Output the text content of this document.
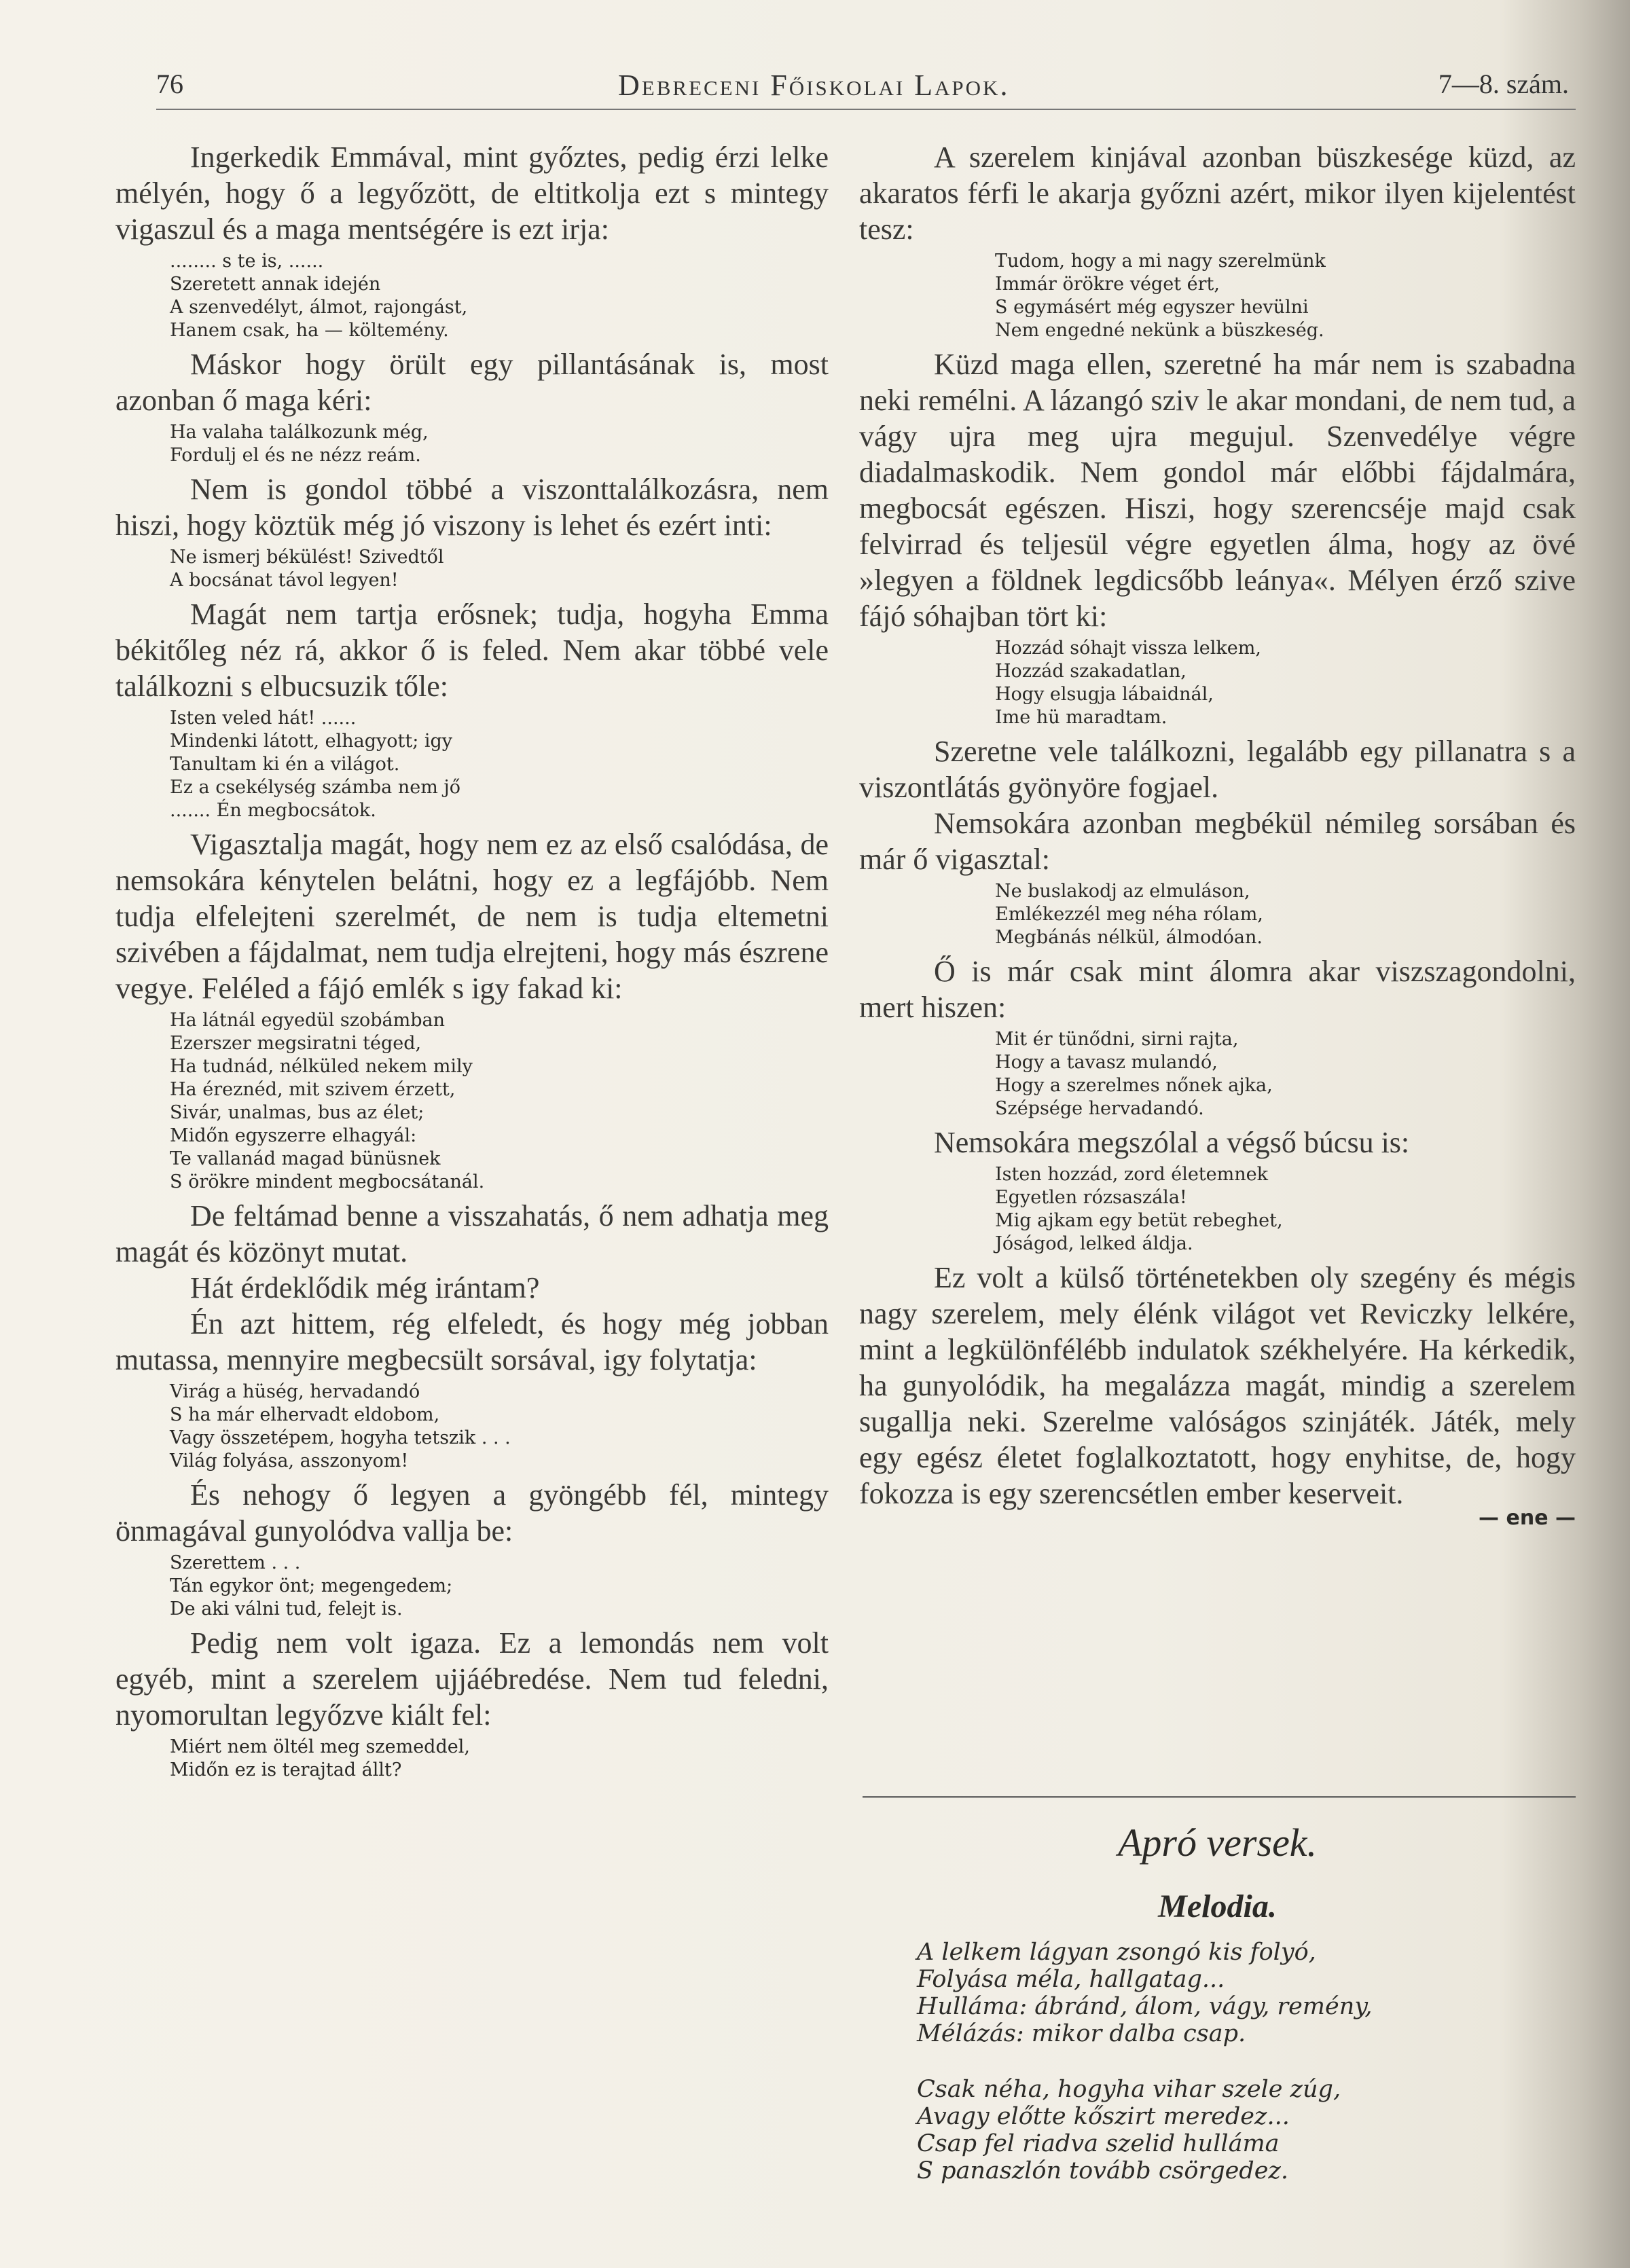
76	Debreceni Főiskolai Lapok.	7—8. szám.

Ingerkedik Emmával, mint győztes, pedig érzi lelke mélyén, hogy ő a legyőzött, de eltitkolja ezt s mintegy vigaszul és a maga mentségére is ezt irja:

........ s te is, ......
Szeretett annak idején
A szenvedélyt, álmot, rajongást,
Hanem csak, ha — költemény.

Máskor hogy örült egy pillantásának is, most azonban ő maga kéri:

Ha valaha találkozunk még,
Fordulj el és ne nézz reám.

Nem is gondol többé a viszonttalálkozásra, nem hiszi, hogy köztük még jó viszony is lehet és ezért inti:

Ne ismerj békülést! Szivedtől
A bocsánat távol legyen!

Magát nem tartja erősnek; tudja, hogyha Emma békitőleg néz rá, akkor ő is feled. Nem akar többé vele találkozni s elbucsuzik tőle:

Isten veled hát! ......
Mindenki látott, elhagyott; igy
Tanultam ki én a világot.
Ez a csekélység számba nem jő
....... Én megbocsátok.

Vigasztalja magát, hogy nem ez az első csalódása, de nemsokára kénytelen belátni, hogy ez a legfájóbb. Nem tudja elfelejteni szerelmét, de nem is tudja eltemetni szivében a fájdalmat, nem tudja elrejteni, hogy más észrene vegye. Feléled a fájó emlék s igy fakad ki:

Ha látnál egyedül szobámban
Ezerszer megsiratni téged,
Ha tudnád, nélküled nekem mily
Ha éreznéd, mit szivem érzett,
Sivár, unalmas, bus az élet;
Midőn egyszerre elhagyál:
Te vallanád magad bünüsnek
S örökre mindent megbocsátanál.

De feltámad benne a visszahatás, ő nem adhatja meg magát és közönyt mutat.

Hát érdeklődik még irántam?

Én azt hittem, rég elfeledt, és hogy még jobban mutassa, mennyire megbecsült sorsával, igy folytatja:

Virág a hüség, hervadandó
S ha már elhervadt eldobom,
Vagy összetépem, hogyha tetszik . . .
Világ folyása, asszonyom!

És nehogy ő legyen a gyöngébb fél, mintegy önmagával gunyolódva vallja be:

Szerettem . . .
Tán egykor önt; megengedem;
De aki válni tud, felejt is.

Pedig nem volt igaza. Ez a lemondás nem volt egyéb, mint a szerelem ujjáébredése. Nem tud feledni, nyomorultan legyőzve kiált fel:

Miért nem öltél meg szemeddel,
Midőn ez is terajtad állt?

A szerelem kinjával azonban büszkesége küzd, az akaratos férfi le akarja győzni azért, mikor ilyen kijelentést tesz:

Tudom, hogy a mi nagy szerelmünk
Immár örökre véget ért,
S egymásért még egyszer hevülni
Nem engedné nekünk a büszkeség.

Küzd maga ellen, szeretné ha már nem is szabadna neki remélni. A lázangó sziv le akar mondani, de nem tud, a vágy ujra meg ujra megujul. Szenvedélye végre diadalmaskodik. Nem gondol már előbbi fájdalmára, megbocsát egészen. Hiszi, hogy szerencséje majd csak felvirrad és teljesül végre egyetlen álma, hogy az övé »legyen a földnek legdicsőbb leánya«. Mélyen érző szive fájó sóhajban tört ki:

Hozzád sóhajt vissza lelkem,
Hozzád szakadatlan,
Hogy elsugja lábaidnál,
Ime hü maradtam.

Szeretne vele találkozni, legalább egy pillanatra s a viszontlátás gyönyöre fogjael.

Nemsokára azonban megbékül némileg sorsában és már ő vigasztal:

Ne buslakodj az elmuláson,
Emlékezzél meg néha rólam,
Megbánás nélkül, álmodóan.

Ő is már csak mint álomra akar viszszagondolni, mert hiszen:

Mit ér tünődni, sirni rajta,
Hogy a tavasz mulandó,
Hogy a szerelmes nőnek ajka,
Szépsége hervadandó.

Nemsokára megszólal a végső búcsu is:

Isten hozzád, zord életemnek
Egyetlen rózsaszála!
Mig ajkam egy betüt rebeghet,
Jóságod, lelked áldja.

Ez volt a külső történetekben oly szegény és mégis nagy szerelem, mely élénk világot vet Reviczky lelkére, mint a legkülönfélébb indulatok székhelyére. Ha kérkedik, ha gunyolódik, ha megalázza magát, mindig a szerelem sugallja neki. Szerelme valóságos szinjáték. Játék, mely egy egész életet foglalkoztatott, hogy enyhitse, de, hogy fokozza is egy szerencsétlen ember keserveit.

— ene —
Apró versek.
Melodia.
A lelkem lágyan zsongó kis folyó,
Folyása méla, hallgatag...
Hulláma: ábránd, álom, vágy, remény,
Mélázás: mikor dalba csap.
Csak néha, hogyha vihar szele zúg,
Avagy előtte kőszirt meredez...
Csap fel riadva szelid hulláma
S panaszlón tovább csörgedez.
